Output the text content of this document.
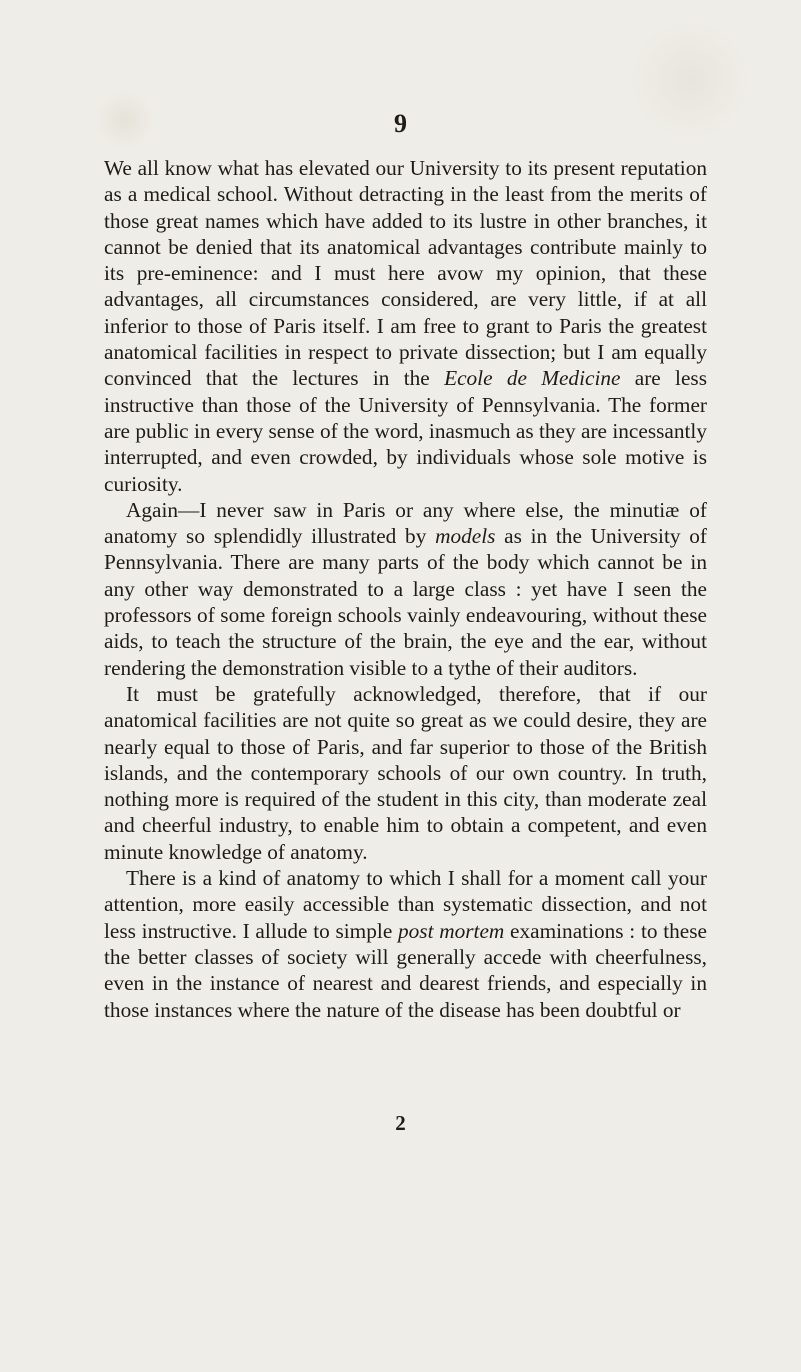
9

We all know what has elevated our University to its present reputation as a medical school. Without detracting in the least from the merits of those great names which have added to its lustre in other branches, it cannot be denied that its anatomical advantages contribute mainly to its pre-eminence: and I must here avow my opinion, that these advantages, all circumstances considered, are very little, if at all inferior to those of Paris itself. I am free to grant to Paris the greatest anatomical facilities in respect to private dissection; but I am equally convinced that the lectures in the Ecole de Medicine are less instructive than those of the University of Pennsylvania. The former are public in every sense of the word, inasmuch as they are incessantly interrupted, and even crowded, by individuals whose sole motive is curiosity.

Again—I never saw in Paris or any where else, the minutiæ of anatomy so splendidly illustrated by models as in the University of Pennsylvania. There are many parts of the body which cannot be in any other way demonstrated to a large class : yet have I seen the professors of some foreign schools vainly endeavouring, without these aids, to teach the structure of the brain, the eye and the ear, without rendering the demonstration visible to a tythe of their auditors.

It must be gratefully acknowledged, therefore, that if our anatomical facilities are not quite so great as we could desire, they are nearly equal to those of Paris, and far superior to those of the British islands, and the contemporary schools of our own country. In truth, nothing more is required of the student in this city, than moderate zeal and cheerful industry, to enable him to obtain a competent, and even minute knowledge of anatomy.

There is a kind of anatomy to which I shall for a moment call your attention, more easily accessible than systematic dissection, and not less instructive. I allude to simple post mortem examinations : to these the better classes of society will generally accede with cheerfulness, even in the instance of nearest and dearest friends, and especially in those instances where the nature of the disease has been doubtful or

2
